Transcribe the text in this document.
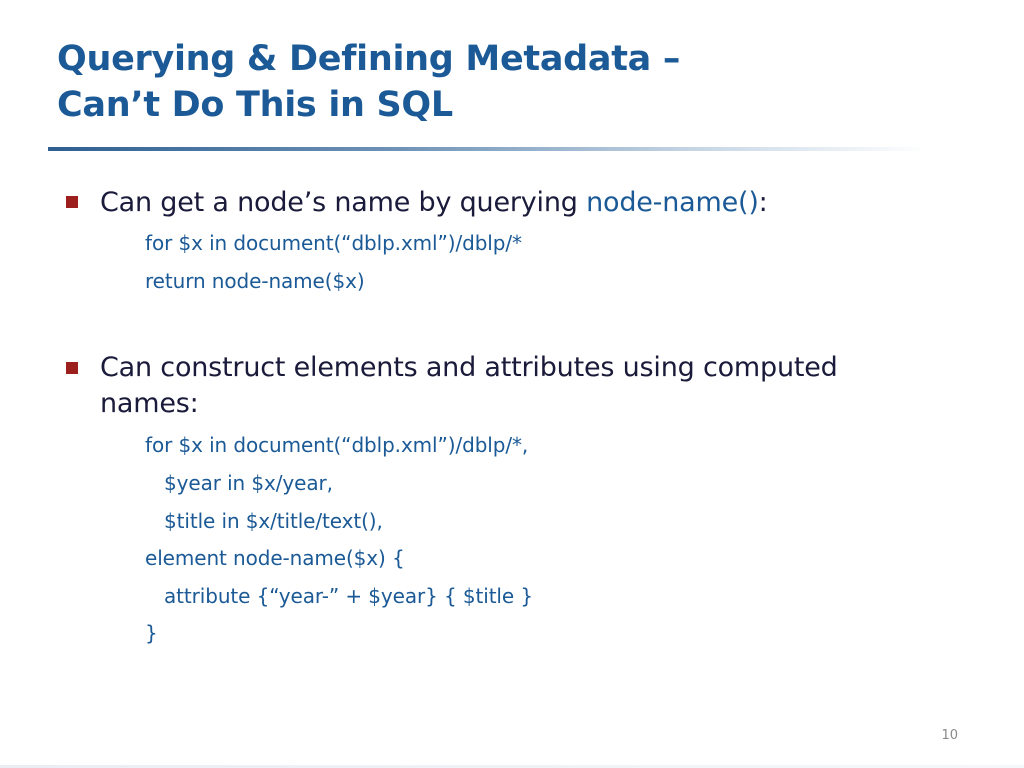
Querying & Defining Metadata –
Can’t Do This in SQL
Can get a node’s name by querying node-name():
for $x in document(“dblp.xml”)/dblp/*
return node-name($x)
Can construct elements and attributes using computed
names:
for $x in document(“dblp.xml”)/dblp/*,
$year in $x/year,
$title in $x/title/text(),
element node-name($x) {
attribute {“year-” + $year} { $title }
}
10
